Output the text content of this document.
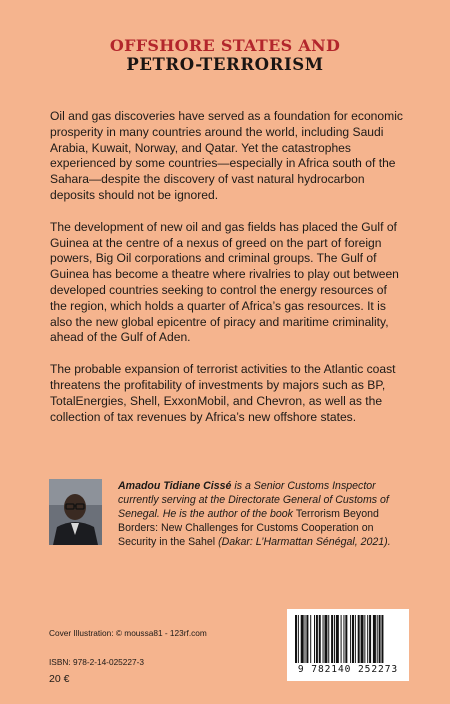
OFFSHORE STATES AND
PETRO-TERRORISM

Oil and gas discoveries have served as a foundation for economic prosperity in many countries around the world, including Saudi Arabia, Kuwait, Norway, and Qatar. Yet the catastrophes experienced by some countries—especially in Africa south of the Sahara—despite the discovery of vast natural hydrocarbon deposits should not be ignored.

The development of new oil and gas fields has placed the Gulf of Guinea at the centre of a nexus of greed on the part of foreign powers, Big Oil corporations and criminal groups. The Gulf of Guinea has become a theatre where rivalries to play out between developed countries seeking to control the energy resources of the region, which holds a quarter of Africa’s gas resources. It is also the new global epicentre of piracy and maritime criminality, ahead of the Gulf of Aden.

The probable expansion of terrorist activities to the Atlantic coast threatens the profitability of investments by majors such as BP, TotalEnergies, Shell, ExxonMobil, and Chevron, as well as the collection of tax revenues by Africa’s new offshore states.

Amadou Tidiane Cissé is a Senior Customs Inspector currently serving at the Directorate General of Customs of Senegal. He is the author of the book Terrorism Beyond Borders: New Challenges for Customs Cooperation on Security in the Sahel (Dakar: L’Harmattan Sénégal, 2021).
Cover Illustration: © moussa81 - 123rf.com
ISBN: 978-2-14-025227-3
20 €
9 782140 252273
